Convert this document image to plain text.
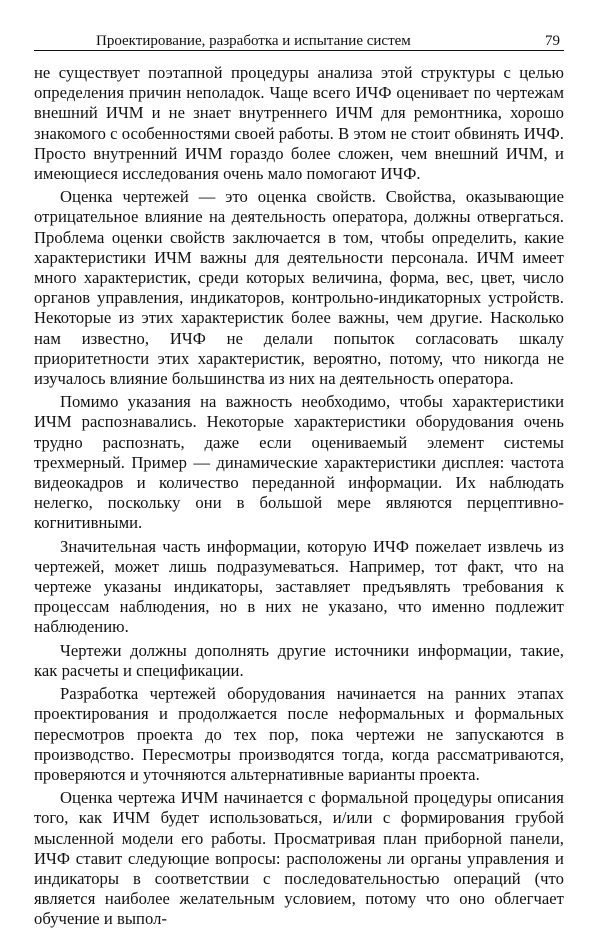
Проектирование, разработка и испытание систем	79

не существует поэтапной процедуры анализа этой структуры с целью определения причин неполадок. Чаще всего ИЧФ оценивает по чертежам внешний ИЧМ и не знает внутреннего ИЧМ для ремонтника, хорошо знакомого с особенностями своей работы. В этом не стоит обвинять ИЧФ. Просто внутренний ИЧМ гораздо более сложен, чем внешний ИЧМ, и имеющиеся исследования очень мало помогают ИЧФ.

Оценка чертежей — это оценка свойств. Свойства, оказывающие отрицательное влияние на деятельность оператора, должны отвергаться. Проблема оценки свойств заключается в том, чтобы определить, какие характеристики ИЧМ важны для деятельности персонала. ИЧМ имеет много характеристик, среди которых величина, форма, вес, цвет, число органов управления, индикаторов, контрольно-индикаторных устройств. Некоторые из этих характеристик более важны, чем другие. Насколько нам известно, ИЧФ не делали попыток согласовать шкалу приоритетности этих характеристик, вероятно, потому, что никогда не изучалось влияние большинства из них на деятельность оператора.

Помимо указания на важность необходимо, чтобы характеристики ИЧМ распознавались. Некоторые характеристики оборудования очень трудно распознать, даже если оцениваемый элемент системы трехмерный. Пример — динамические характеристики дисплея: частота видеокадров и количество переданной информации. Их наблюдать нелегко, поскольку они в большой мере являются перцептивно-когнитивными.

Значительная часть информации, которую ИЧФ пожелает извлечь из чертежей, может лишь подразумеваться. Например, тот факт, что на чертеже указаны индикаторы, заставляет предъявлять требования к процессам наблюдения, но в них не указано, что именно подлежит наблюдению.

Чертежи должны дополнять другие источники информации, такие, как расчеты и спецификации.

Разработка чертежей оборудования начинается на ранних этапах проектирования и продолжается после неформальных и формальных пересмотров проекта до тех пор, пока чертежи не запускаются в производство. Пересмотры производятся тогда, когда рассматриваются, проверяются и уточняются альтернативные варианты проекта.

Оценка чертежа ИЧМ начинается с формальной процедуры описания того, как ИЧМ будет использоваться, и/или с формирования грубой мысленной модели его работы. Просматривая план приборной панели, ИЧФ ставит следующие вопросы: расположены ли органы управления и индикаторы в соответствии с последовательностью операций (что является наиболее желательным условием, потому что оно облегчает обучение и выпол-
